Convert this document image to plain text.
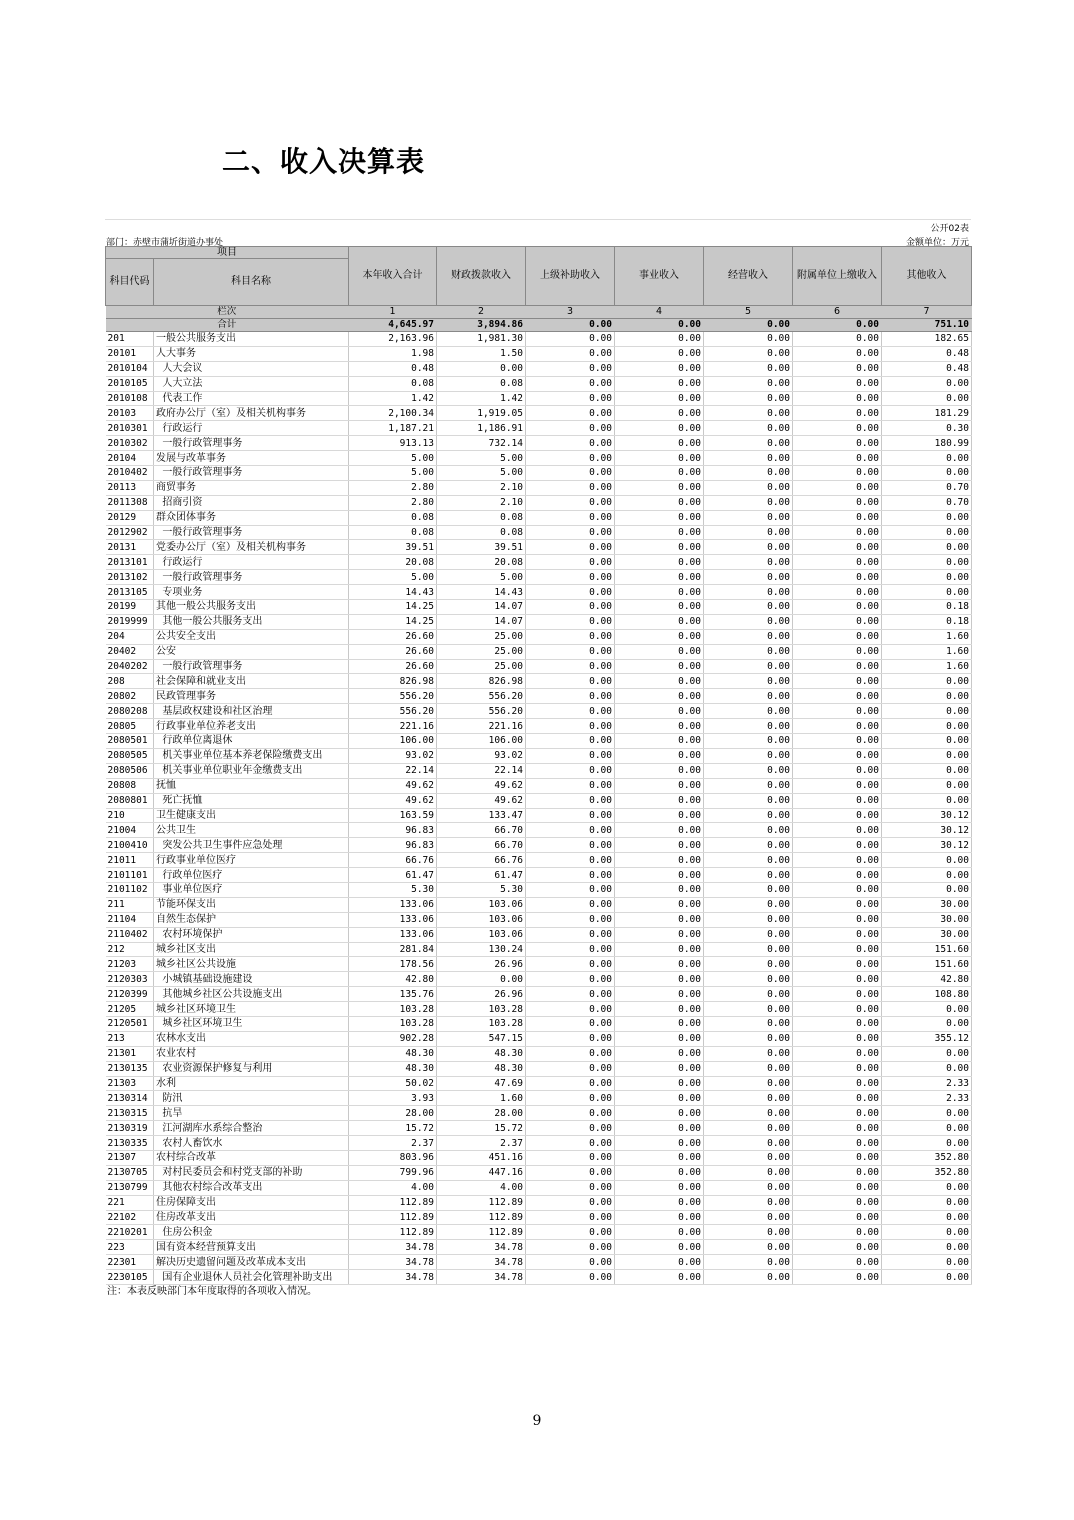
二、收入决算表
公开02表
部门：赤壁市蒲圻街道办事处	金额单位：万元
项目		本年收入合计	财政拨款收入	上级补助收入	事业收入	经营收入	附属单位上缴收入	其他收入
科目代码	科目名称							
栏次		1	2	3	4	5	6	7
合计		4,645.97	3,894.86	0.00	0.00	0.00	0.00	751.10
201	一般公共服务支出	2,163.96	1,981.30	0.00	0.00	0.00	0.00	182.65
20101	人大事务	1.98	1.50	0.00	0.00	0.00	0.00	0.48
2010104	人大会议	0.48	0.00	0.00	0.00	0.00	0.00	0.48
2010105	人大立法	0.08	0.08	0.00	0.00	0.00	0.00	0.00
2010108	代表工作	1.42	1.42	0.00	0.00	0.00	0.00	0.00
20103	政府办公厅（室）及相关机构事务	2,100.34	1,919.05	0.00	0.00	0.00	0.00	181.29
2010301	行政运行	1,187.21	1,186.91	0.00	0.00	0.00	0.00	0.30
2010302	一般行政管理事务	913.13	732.14	0.00	0.00	0.00	0.00	180.99
20104	发展与改革事务	5.00	5.00	0.00	0.00	0.00	0.00	0.00
2010402	一般行政管理事务	5.00	5.00	0.00	0.00	0.00	0.00	0.00
20113	商贸事务	2.80	2.10	0.00	0.00	0.00	0.00	0.70
2011308	招商引资	2.80	2.10	0.00	0.00	0.00	0.00	0.70
20129	群众团体事务	0.08	0.08	0.00	0.00	0.00	0.00	0.00
2012902	一般行政管理事务	0.08	0.08	0.00	0.00	0.00	0.00	0.00
20131	党委办公厅（室）及相关机构事务	39.51	39.51	0.00	0.00	0.00	0.00	0.00
2013101	行政运行	20.08	20.08	0.00	0.00	0.00	0.00	0.00
2013102	一般行政管理事务	5.00	5.00	0.00	0.00	0.00	0.00	0.00
2013105	专项业务	14.43	14.43	0.00	0.00	0.00	0.00	0.00
20199	其他一般公共服务支出	14.25	14.07	0.00	0.00	0.00	0.00	0.18
2019999	其他一般公共服务支出	14.25	14.07	0.00	0.00	0.00	0.00	0.18
204	公共安全支出	26.60	25.00	0.00	0.00	0.00	0.00	1.60
20402	公安	26.60	25.00	0.00	0.00	0.00	0.00	1.60
2040202	一般行政管理事务	26.60	25.00	0.00	0.00	0.00	0.00	1.60
208	社会保障和就业支出	826.98	826.98	0.00	0.00	0.00	0.00	0.00
20802	民政管理事务	556.20	556.20	0.00	0.00	0.00	0.00	0.00
2080208	基层政权建设和社区治理	556.20	556.20	0.00	0.00	0.00	0.00	0.00
20805	行政事业单位养老支出	221.16	221.16	0.00	0.00	0.00	0.00	0.00
2080501	行政单位离退休	106.00	106.00	0.00	0.00	0.00	0.00	0.00
2080505	机关事业单位基本养老保险缴费支出	93.02	93.02	0.00	0.00	0.00	0.00	0.00
2080506	机关事业单位职业年金缴费支出	22.14	22.14	0.00	0.00	0.00	0.00	0.00
20808	抚恤	49.62	49.62	0.00	0.00	0.00	0.00	0.00
2080801	死亡抚恤	49.62	49.62	0.00	0.00	0.00	0.00	0.00
210	卫生健康支出	163.59	133.47	0.00	0.00	0.00	0.00	30.12
21004	公共卫生	96.83	66.70	0.00	0.00	0.00	0.00	30.12
2100410	突发公共卫生事件应急处理	96.83	66.70	0.00	0.00	0.00	0.00	30.12
21011	行政事业单位医疗	66.76	66.76	0.00	0.00	0.00	0.00	0.00
2101101	行政单位医疗	61.47	61.47	0.00	0.00	0.00	0.00	0.00
2101102	事业单位医疗	5.30	5.30	0.00	0.00	0.00	0.00	0.00
211	节能环保支出	133.06	103.06	0.00	0.00	0.00	0.00	30.00
21104	自然生态保护	133.06	103.06	0.00	0.00	0.00	0.00	30.00
2110402	农村环境保护	133.06	103.06	0.00	0.00	0.00	0.00	30.00
212	城乡社区支出	281.84	130.24	0.00	0.00	0.00	0.00	151.60
21203	城乡社区公共设施	178.56	26.96	0.00	0.00	0.00	0.00	151.60
2120303	小城镇基础设施建设	42.80	0.00	0.00	0.00	0.00	0.00	42.80
2120399	其他城乡社区公共设施支出	135.76	26.96	0.00	0.00	0.00	0.00	108.80
21205	城乡社区环境卫生	103.28	103.28	0.00	0.00	0.00	0.00	0.00
2120501	城乡社区环境卫生	103.28	103.28	0.00	0.00	0.00	0.00	0.00
213	农林水支出	902.28	547.15	0.00	0.00	0.00	0.00	355.12
21301	农业农村	48.30	48.30	0.00	0.00	0.00	0.00	0.00
2130135	农业资源保护修复与利用	48.30	48.30	0.00	0.00	0.00	0.00	0.00
21303	水利	50.02	47.69	0.00	0.00	0.00	0.00	2.33
2130314	防汛	3.93	1.60	0.00	0.00	0.00	0.00	2.33
2130315	抗旱	28.00	28.00	0.00	0.00	0.00	0.00	0.00
2130319	江河湖库水系综合整治	15.72	15.72	0.00	0.00	0.00	0.00	0.00
2130335	农村人畜饮水	2.37	2.37	0.00	0.00	0.00	0.00	0.00
21307	农村综合改革	803.96	451.16	0.00	0.00	0.00	0.00	352.80
2130705	对村民委员会和村党支部的补助	799.96	447.16	0.00	0.00	0.00	0.00	352.80
2130799	其他农村综合改革支出	4.00	4.00	0.00	0.00	0.00	0.00	0.00
221	住房保障支出	112.89	112.89	0.00	0.00	0.00	0.00	0.00
22102	住房改革支出	112.89	112.89	0.00	0.00	0.00	0.00	0.00
2210201	住房公积金	112.89	112.89	0.00	0.00	0.00	0.00	0.00
223	国有资本经营预算支出	34.78	34.78	0.00	0.00	0.00	0.00	0.00
22301	解决历史遗留问题及改革成本支出	34.78	34.78	0.00	0.00	0.00	0.00	0.00
2230105	国有企业退休人员社会化管理补助支出	34.78	34.78	0.00	0.00	0.00	0.00	0.00
注：本表反映部门本年度取得的各项收入情况。
9
